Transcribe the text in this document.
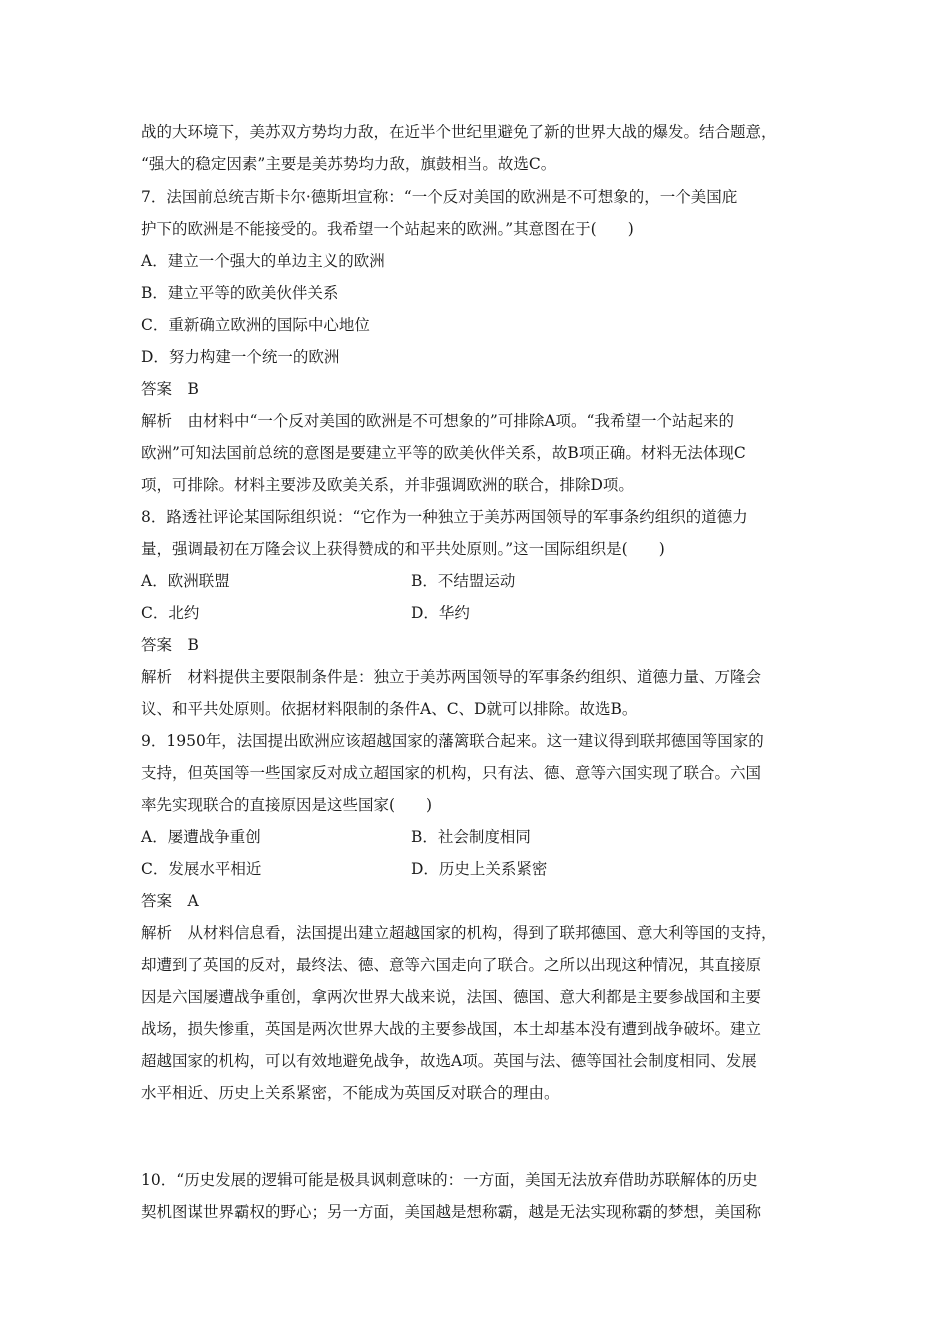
战的大环境下，美苏双方势均力敌，在近半个世纪里避免了新的世界大战的爆发。结合题意，
“强大的稳定因素”主要是美苏势均力敌，旗鼓相当。故选C。
7．法国前总统吉斯卡尔·德斯坦宣称：“一个反对美国的欧洲是不可想象的，一个美国庇
护下的欧洲是不能接受的。我希望一个站起来的欧洲。”其意图在于(　　)
A．建立一个强大的单边主义的欧洲
B．建立平等的欧美伙伴关系
C．重新确立欧洲的国际中心地位
D．努力构建一个统一的欧洲
答案　B
解析　由材料中“一个反对美国的欧洲是不可想象的”可排除A项。“我希望一个站起来的
欧洲”可知法国前总统的意图是要建立平等的欧美伙伴关系，故B项正确。材料无法体现C
项，可排除。材料主要涉及欧美关系，并非强调欧洲的联合，排除D项。
8．路透社评论某国际组织说：“它作为一种独立于美苏两国领导的军事条约组织的道德力
量，强调最初在万隆会议上获得赞成的和平共处原则。”这一国际组织是(　　)
A．欧洲联盟	B．不结盟运动
C．北约	D．华约
答案　B
解析　材料提供主要限制条件是：独立于美苏两国领导的军事条约组织、道德力量、万隆会
议、和平共处原则。依据材料限制的条件A、C、D就可以排除。故选B。
9．1950年，法国提出欧洲应该超越国家的藩篱联合起来。这一建议得到联邦德国等国家的
支持，但英国等一些国家反对成立超国家的机构，只有法、德、意等六国实现了联合。六国
率先实现联合的直接原因是这些国家(　　)
A．屡遭战争重创	B．社会制度相同
C．发展水平相近	D．历史上关系紧密
答案　A
解析　从材料信息看，法国提出建立超越国家的机构，得到了联邦德国、意大利等国的支持，
却遭到了英国的反对，最终法、德、意等六国走向了联合。之所以出现这种情况，其直接原
因是六国屡遭战争重创，拿两次世界大战来说，法国、德国、意大利都是主要参战国和主要
战场，损失惨重，英国是两次世界大战的主要参战国，本土却基本没有遭到战争破坏。建立
超越国家的机构，可以有效地避免战争，故选A项。英国与法、德等国社会制度相同、发展
水平相近、历史上关系紧密，不能成为英国反对联合的理由。
10．“历史发展的逻辑可能是极具讽刺意味的：一方面，美国无法放弃借助苏联解体的历史
契机图谋世界霸权的野心；另一方面，美国越是想称霸，越是无法实现称霸的梦想，美国称
